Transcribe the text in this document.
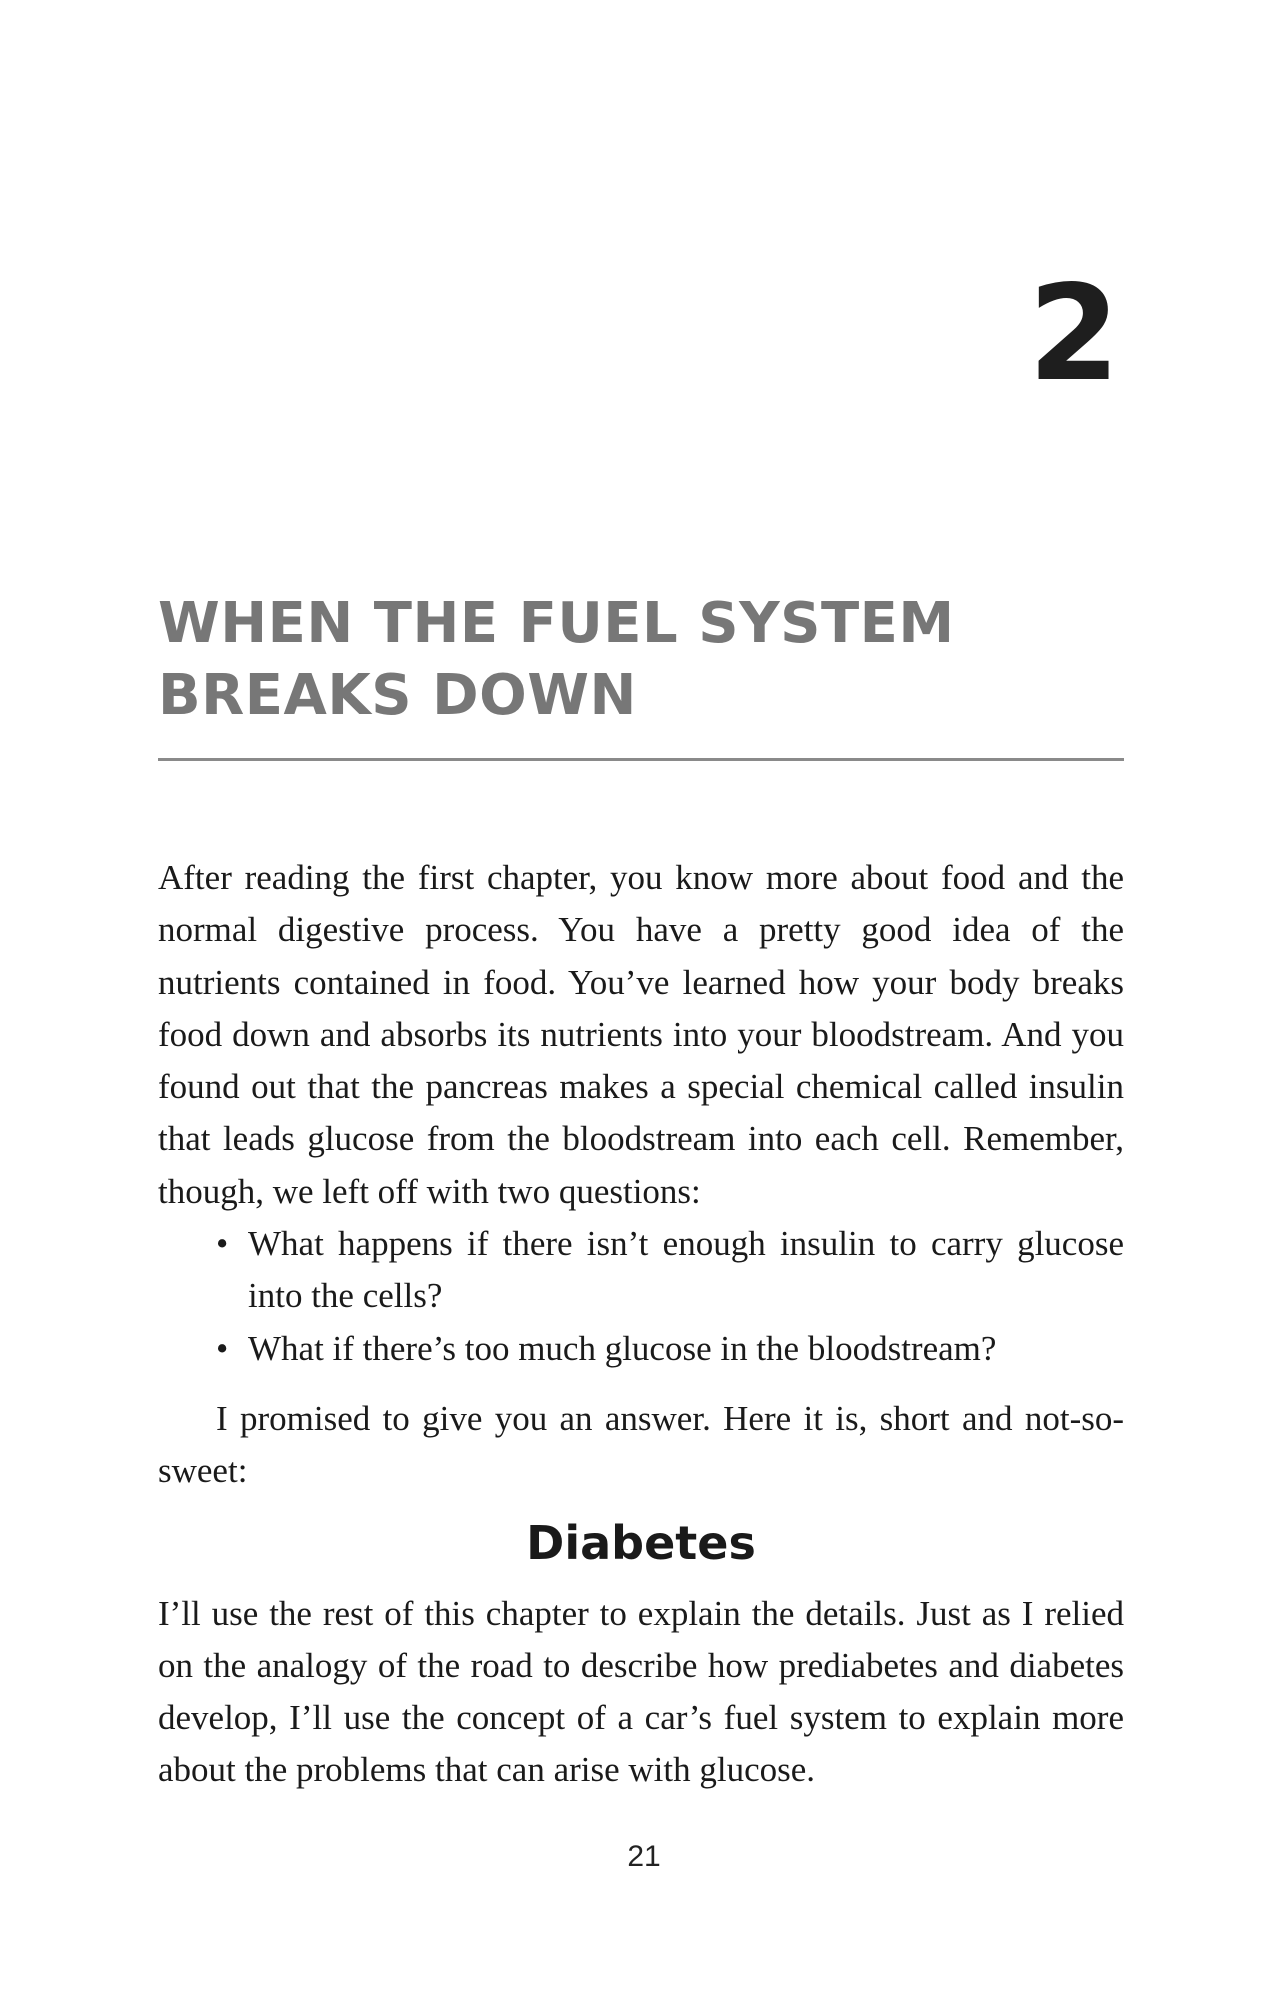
2
WHEN THE FUEL SYSTEM
BREAKS DOWN

After reading the first chapter, you know more about food and the normal digestive process. You have a pretty good idea of the nutrients contained in food. You’ve learned how your body breaks food down and absorbs its nutrients into your bloodstream. And you found out that the pancreas makes a special chemical called insulin that leads glucose from the bloodstream into each cell. Remember, though, we left off with two questions:

• What happens if there isn’t enough insulin to carry glucose into the cells?
• What if there’s too much glucose in the bloodstream?

I promised to give you an answer. Here it is, short and not-so-sweet:

Diabetes

I’ll use the rest of this chapter to explain the details. Just as I relied on the analogy of the road to describe how prediabetes and diabetes develop, I’ll use the concept of a car’s fuel system to explain more about the problems that can arise with glucose.

21
